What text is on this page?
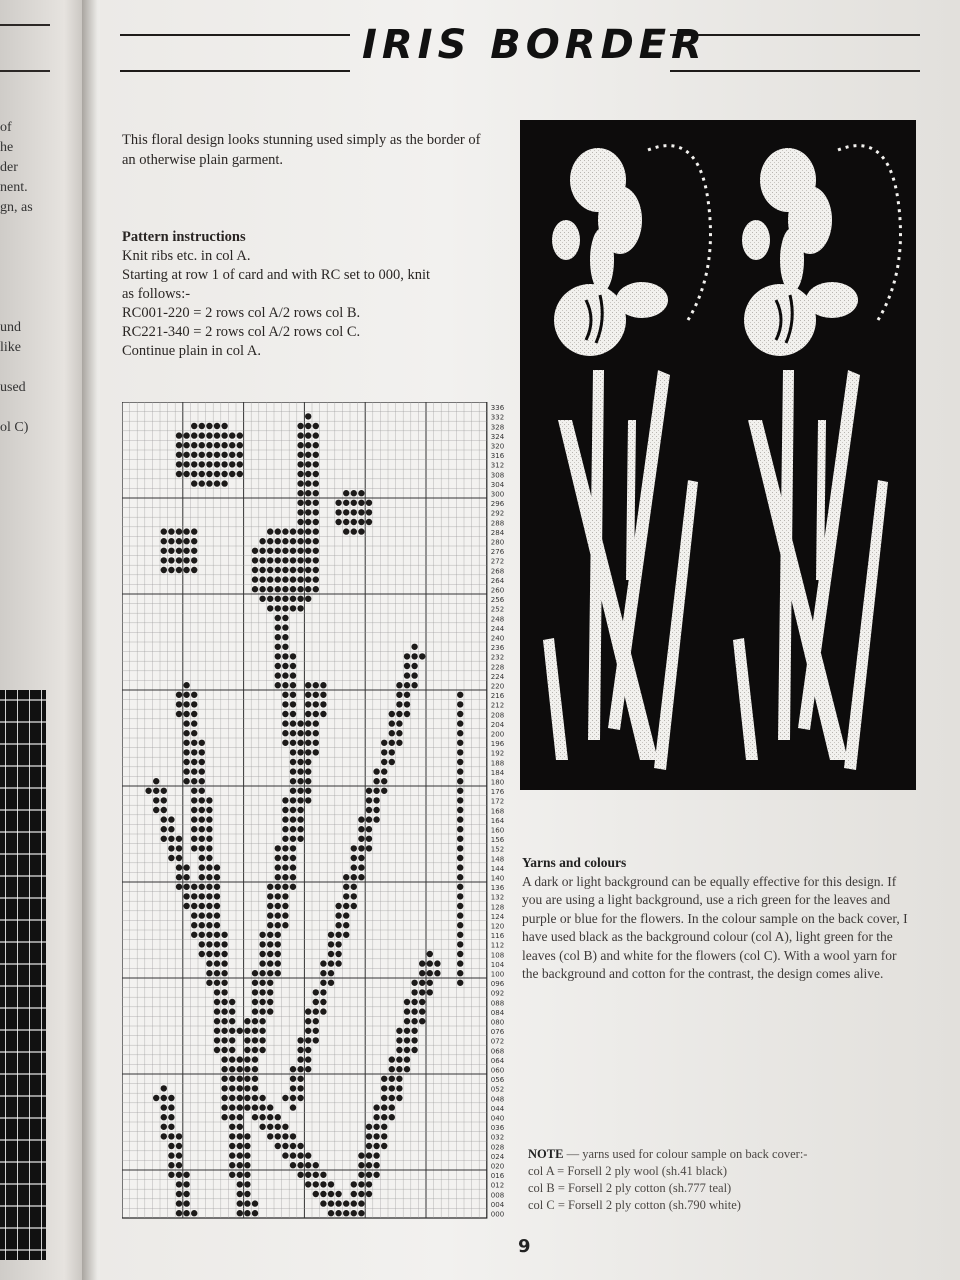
of
he
der
nent.
gn, as
und
like
used
ol C)
IRIS BORDER
This floral design looks stunning used simply as the border of an otherwise plain garment.
Pattern instructions
Knit ribs etc. in col A.
Starting at row 1 of card and with RC set to 000, knit
as follows:-
RC001-220 = 2 rows col A/2 rows col B.
RC221-340 = 2 rows col A/2 rows col C.
Continue plain in col A.
336
332
328
324
320
316
312
308
304
300
296
292
288
284
280
276
272
268
264
260
256
252
248
244
240
236
232
228
224
220
216
212
208
204
200
196
192
188
184
180
176
172
168
164
160
156
152
148
144
140
136
132
128
124
120
116
112
108
104
100
096
092
088
084
080
076
072
068
064
060
056
052
048
044
040
036
032
028
024
020
016
012
008
004
000
Yarns and colours
A dark or light background can be equally effective for this design. If you are using a light background, use a rich green for the leaves and purple or blue for the flowers. In the colour sample on the back cover, I have used black as the background colour (col A), light green for the leaves (col B) and white for the flowers (col C). With a wool yarn for the background and cotton for the contrast, the design comes alive.
NOTE — yarns used for colour sample on back cover:-
col A = Forsell 2 ply wool (sh.41 black)
col B = Forsell 2 ply cotton (sh.777 teal)
col C = Forsell 2 ply cotton (sh.790 white)
9
